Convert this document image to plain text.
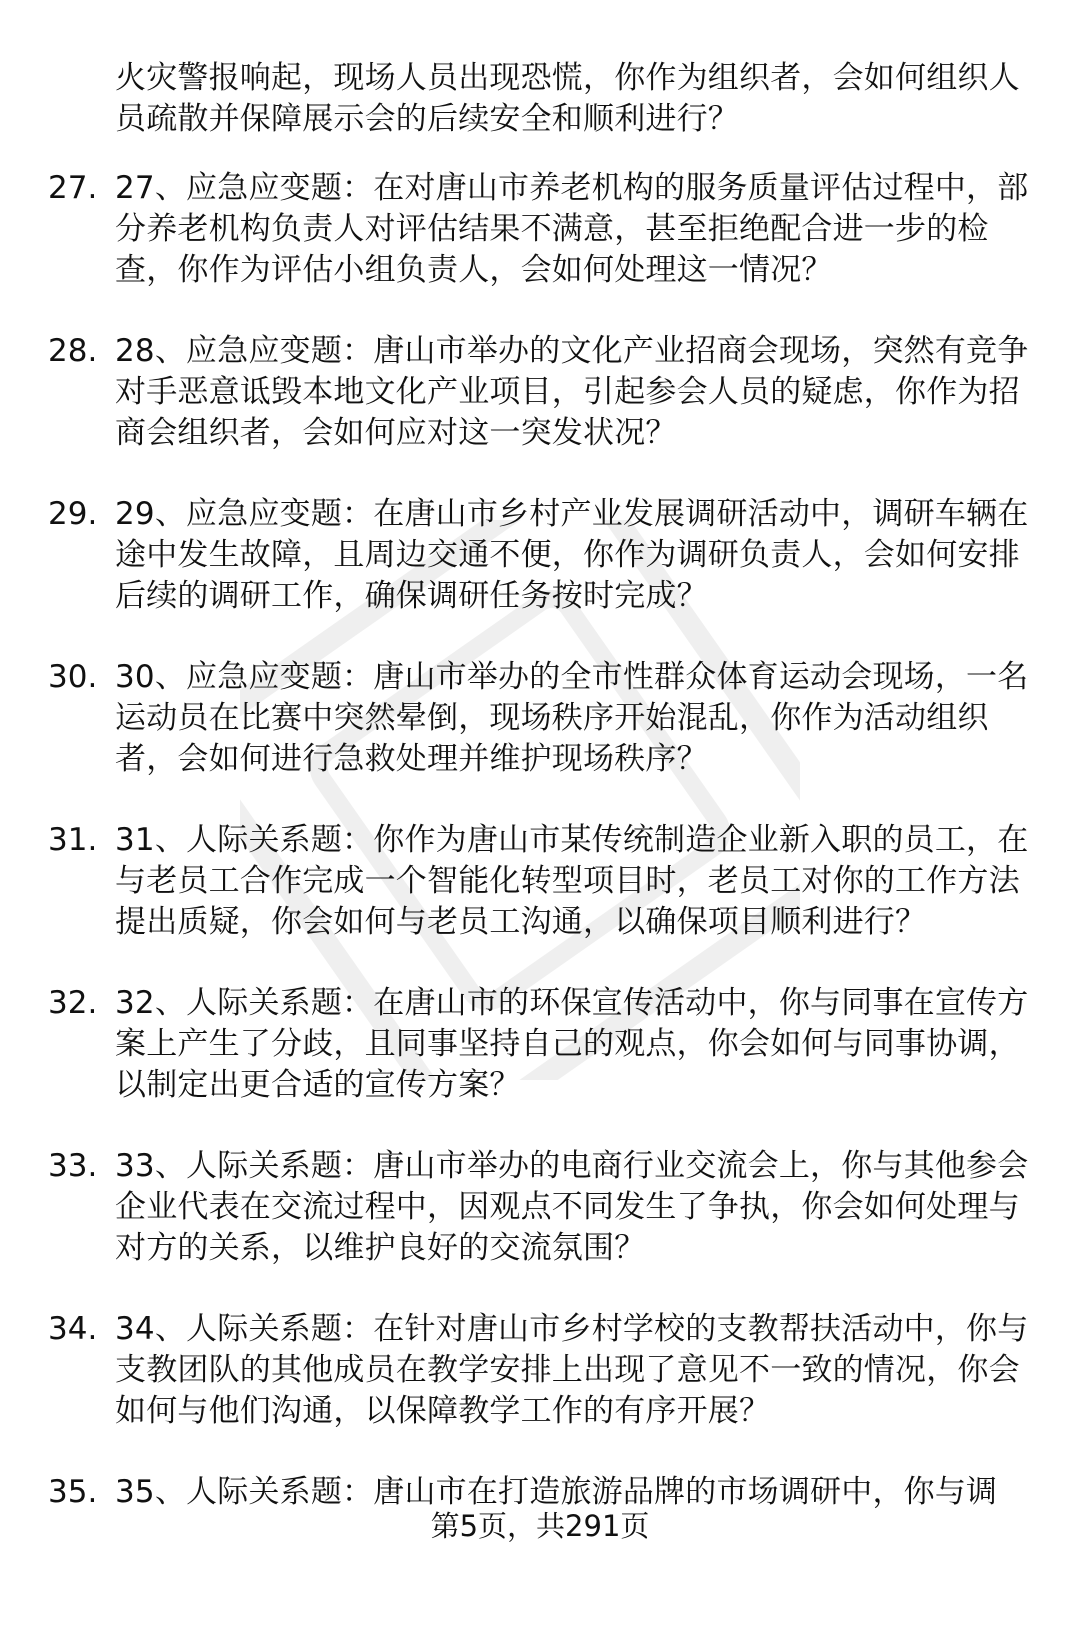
火灾警报响起，现场人员出现恐慌，你作为组织者，会如何组织人员疏散并保障展示会的后续安全和顺利进行？
27. 27、应急应变题：在对唐山市养老机构的服务质量评估过程中，部分养老机构负责人对评估结果不满意，甚至拒绝配合进一步的检查，你作为评估小组负责人，会如何处理这一情况？
28. 28、应急应变题：唐山市举办的文化产业招商会现场，突然有竞争对手恶意诋毁本地文化产业项目，引起参会人员的疑虑，你作为招商会组织者，会如何应对这一突发状况？
29. 29、应急应变题：在唐山市乡村产业发展调研活动中，调研车辆在途中发生故障，且周边交通不便，你作为调研负责人，会如何安排后续的调研工作，确保调研任务按时完成？
30. 30、应急应变题：唐山市举办的全市性群众体育运动会现场，一名运动员在比赛中突然晕倒，现场秩序开始混乱，你作为活动组织者，会如何进行急救处理并维护现场秩序？
31. 31、人际关系题：你作为唐山市某传统制造企业新入职的员工，在与老员工合作完成一个智能化转型项目时，老员工对你的工作方法提出质疑，你会如何与老员工沟通，以确保项目顺利进行？
32. 32、人际关系题：在唐山市的环保宣传活动中，你与同事在宣传方案上产生了分歧，且同事坚持自己的观点，你会如何与同事协调，以制定出更合适的宣传方案？
33. 33、人际关系题：唐山市举办的电商行业交流会上，你与其他参会企业代表在交流过程中，因观点不同发生了争执，你会如何处理与对方的关系，以维护良好的交流氛围？
34. 34、人际关系题：在针对唐山市乡村学校的支教帮扶活动中，你与支教团队的其他成员在教学安排上出现了意见不一致的情况，你会如何与他们沟通，以保障教学工作的有序开展？
35. 35、人际关系题：唐山市在打造旅游品牌的市场调研中，你与调
第5页，共291页
